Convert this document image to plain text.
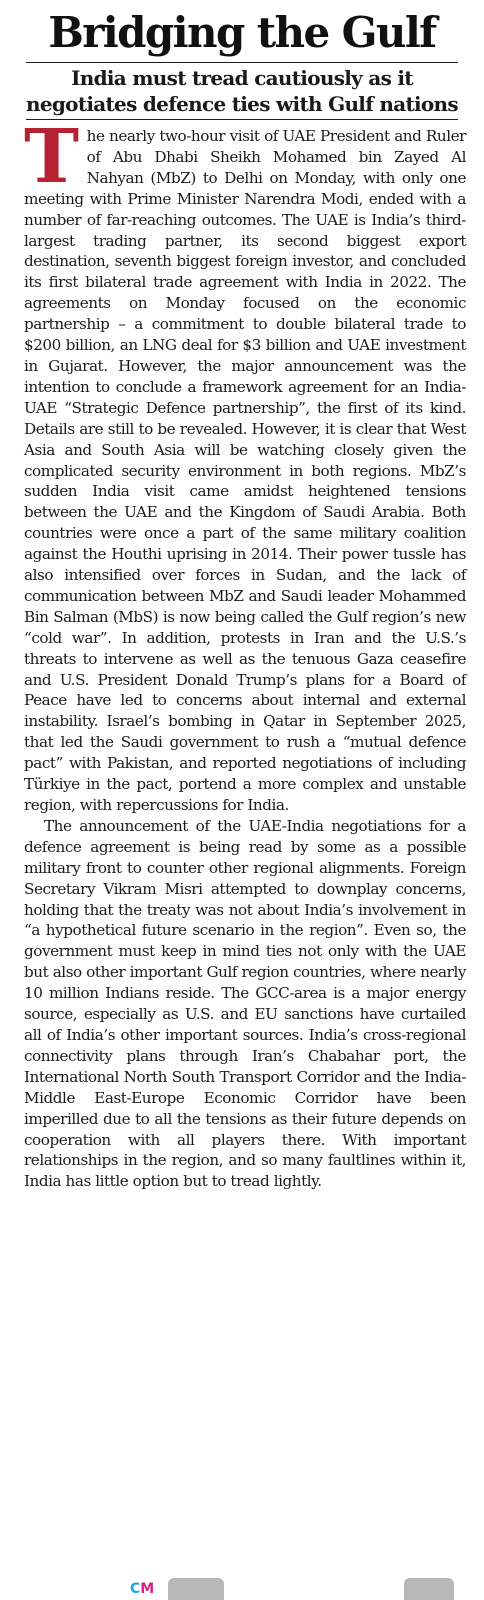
Bridging the Gulf
India must tread cautiously as it negotiates defence ties with Gulf nations

The nearly two-hour visit of UAE President and Ruler of Abu Dhabi Sheikh Mohamed bin Zayed Al Nahyan (MbZ) to Delhi on Monday, with only one meeting with Prime Minister Narendra Modi, ended with a number of far-reaching outcomes. The UAE is India’s third-largest trading partner, its second biggest export destination, seventh biggest foreign investor, and concluded its first bilateral trade agreement with India in 2022. The agreements on Monday focused on the economic partnership – a commitment to double bilateral trade to $200 billion, an LNG deal for $3 billion and UAE investment in Gujarat. However, the major announcement was the intention to conclude a framework agreement for an India-UAE “Strategic Defence partnership”, the first of its kind. Details are still to be revealed. However, it is clear that West Asia and South Asia will be watching closely given the complicated security environment in both regions. MbZ’s sudden India visit came amidst heightened tensions between the UAE and the Kingdom of Saudi Arabia. Both countries were once a part of the same military coalition against the Houthi uprising in 2014. Their power tussle has also intensified over forces in Sudan, and the lack of communication between MbZ and Saudi leader Mohammed Bin Salman (MbS) is now being called the Gulf region’s new “cold war”. In addition, protests in Iran and the U.S.’s threats to intervene as well as the tenuous Gaza ceasefire and U.S. President Donald Trump’s plans for a Board of Peace have led to concerns about internal and external instability. Israel’s bombing in Qatar in September 2025, that led the Saudi government to rush a “mutual defence pact” with Pakistan, and reported negotiations of including Türkiye in the pact, portend a more complex and unstable region, with repercussions for India.

The announcement of the UAE-India negotiations for a defence agreement is being read by some as a possible military front to counter other regional alignments. Foreign Secretary Vikram Misri attempted to downplay concerns, holding that the treaty was not about India’s involvement in “a hypothetical future scenario in the region”. Even so, the government must keep in mind ties not only with the UAE but also other important Gulf region countries, where nearly 10 million Indians reside. The GCC-area is a major energy source, especially as U.S. and EU sanctions have curtailed all of India’s other important sources. India’s cross-regional connectivity plans through Iran’s Chabahar port, the International North South Transport Corridor and the India-Middle East-Europe Economic Corridor have been imperilled due to all the tensions as their future depends on cooperation with all players there. With important relationships in the region, and so many faultlines within it, India has little option but to tread lightly.

CM
